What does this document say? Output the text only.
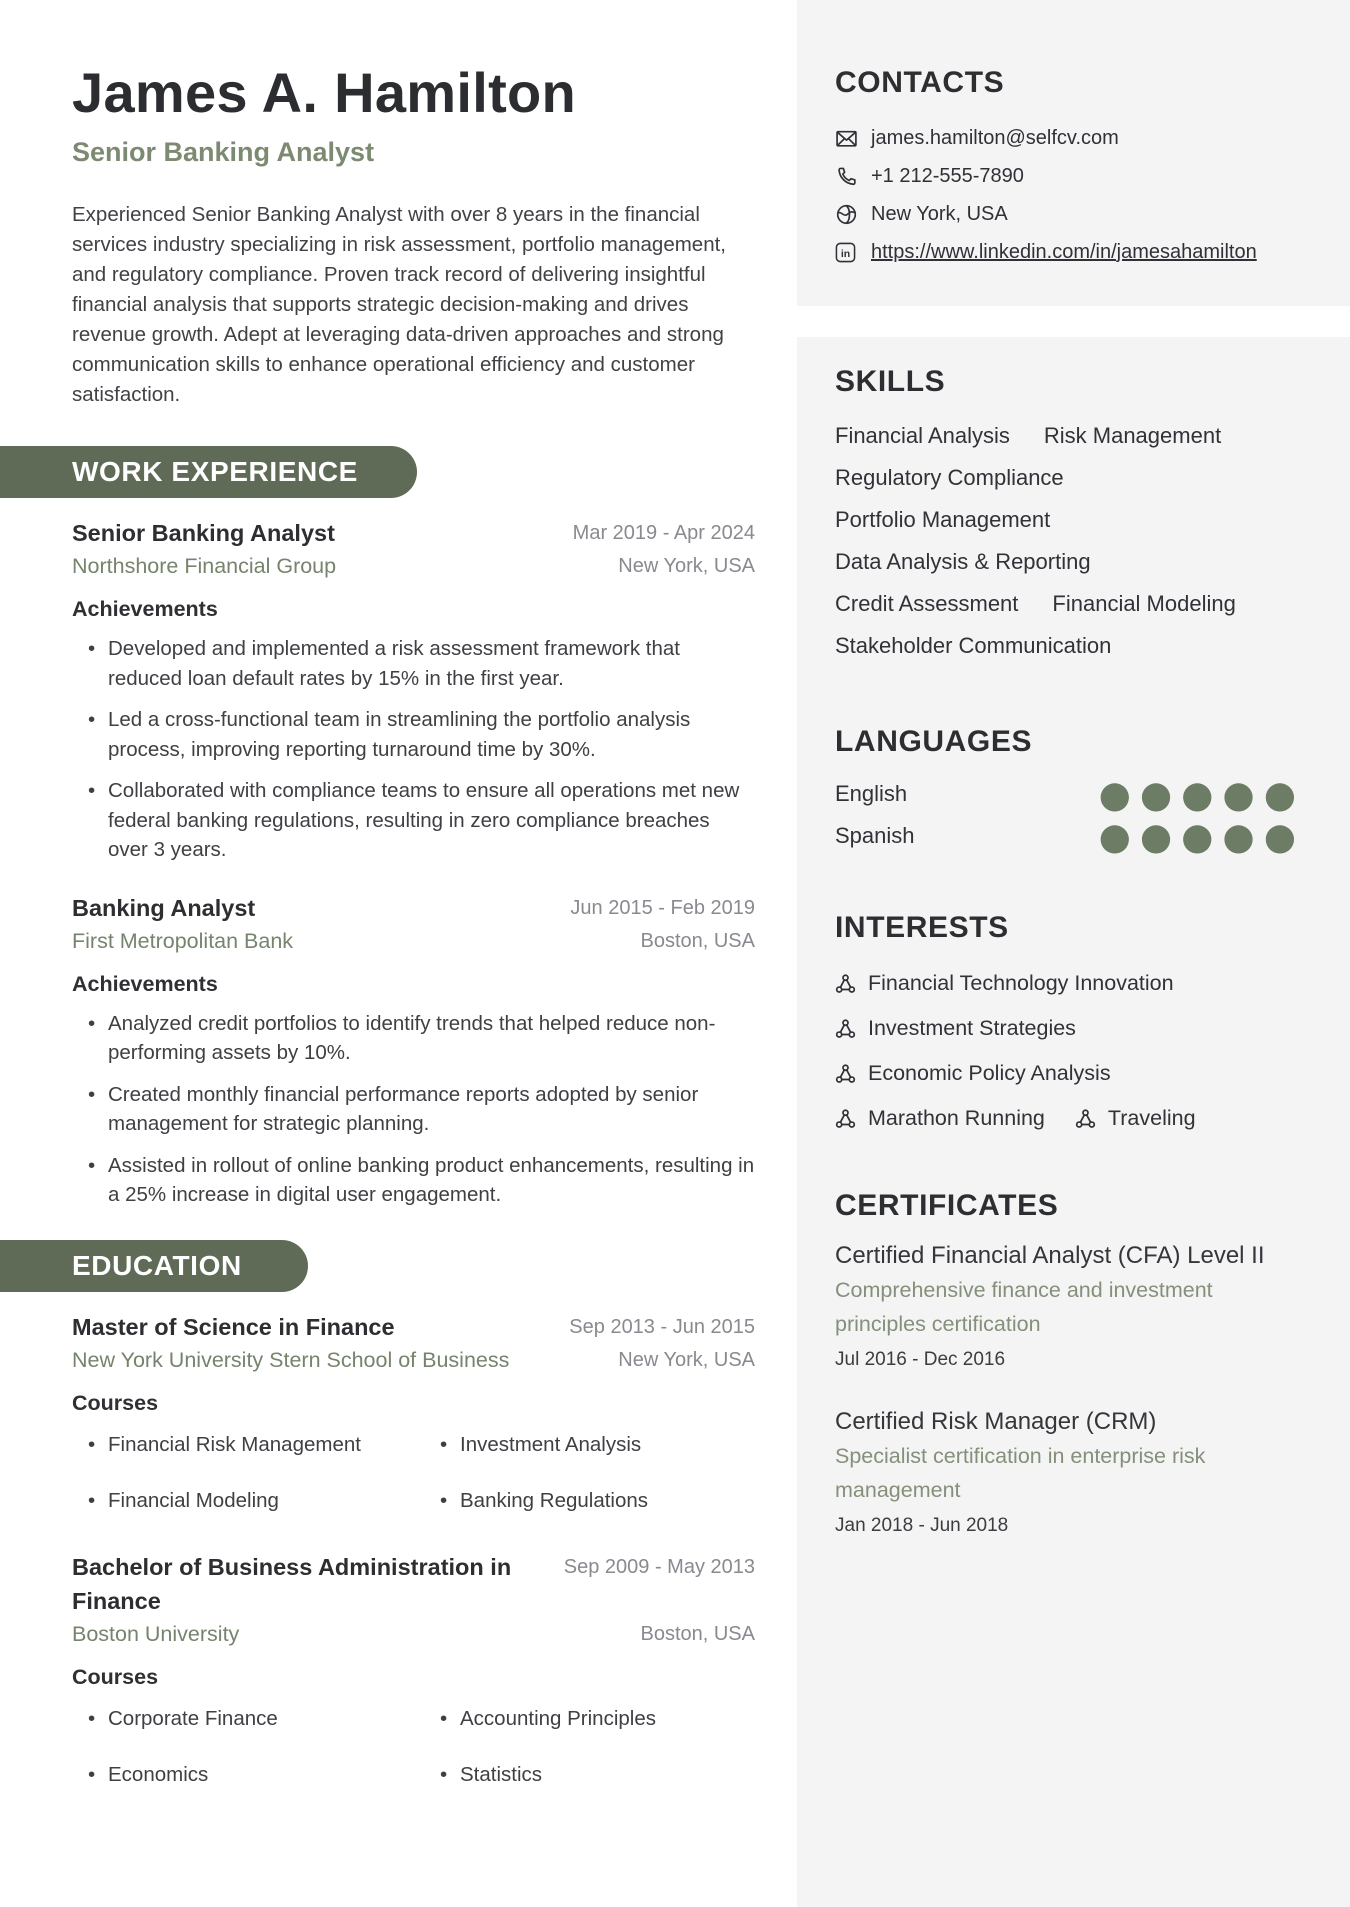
James A. Hamilton
Senior Banking Analyst
Experienced Senior Banking Analyst with over 8 years in the financial services industry specializing in risk assessment, portfolio management, and regulatory compliance. Proven track record of delivering insightful financial analysis that supports strategic decision-making and drives revenue growth. Adept at leveraging data-driven approaches and strong communication skills to enhance operational efficiency and customer satisfaction.
WORK EXPERIENCE
Senior Banking Analyst	Mar 2019 - Apr 2024
Northshore Financial Group	New York, USA
Achievements
• Developed and implemented a risk assessment framework that reduced loan default rates by 15% in the first year.
• Led a cross-functional team in streamlining the portfolio analysis process, improving reporting turnaround time by 30%.
• Collaborated with compliance teams to ensure all operations met new federal banking regulations, resulting in zero compliance breaches over 3 years.
Banking Analyst	Jun 2015 - Feb 2019
First Metropolitan Bank	Boston, USA
Achievements
• Analyzed credit portfolios to identify trends that helped reduce non-performing assets by 10%.
• Created monthly financial performance reports adopted by senior management for strategic planning.
• Assisted in rollout of online banking product enhancements, resulting in a 25% increase in digital user engagement.
EDUCATION
Master of Science in Finance	Sep 2013 - Jun 2015
New York University Stern School of Business	New York, USA
Courses
• Financial Risk Management	• Investment Analysis
• Financial Modeling	• Banking Regulations
Bachelor of Business Administration in Finance
Sep 2009 - May 2013
Boston University	Boston, USA
Courses
• Corporate Finance	• Accounting Principles
• Economics	• Statistics
CONTACTS
james.hamilton@selfcv.com
+1 212-555-7890
New York, USA
in https://www.linkedin.com/in/jamesahamilton
SKILLS
Financial Analysis Risk Management
Regulatory Compliance
Portfolio Management
Data Analysis & Reporting
Credit Assessment Financial Modeling
Stakeholder Communication
LANGUAGES
English	●●●●●
Spanish	●●●●●
INTERESTS
Financial Technology Innovation
Investment Strategies
Economic Policy Analysis
Marathon Running	Traveling
CERTIFICATES
Certified Financial Analyst (CFA) Level II
Comprehensive finance and investment principles certification
Jul 2016 - Dec 2016
Certified Risk Manager (CRM)
Specialist certification in enterprise risk management
Jan 2018 - Jun 2018
